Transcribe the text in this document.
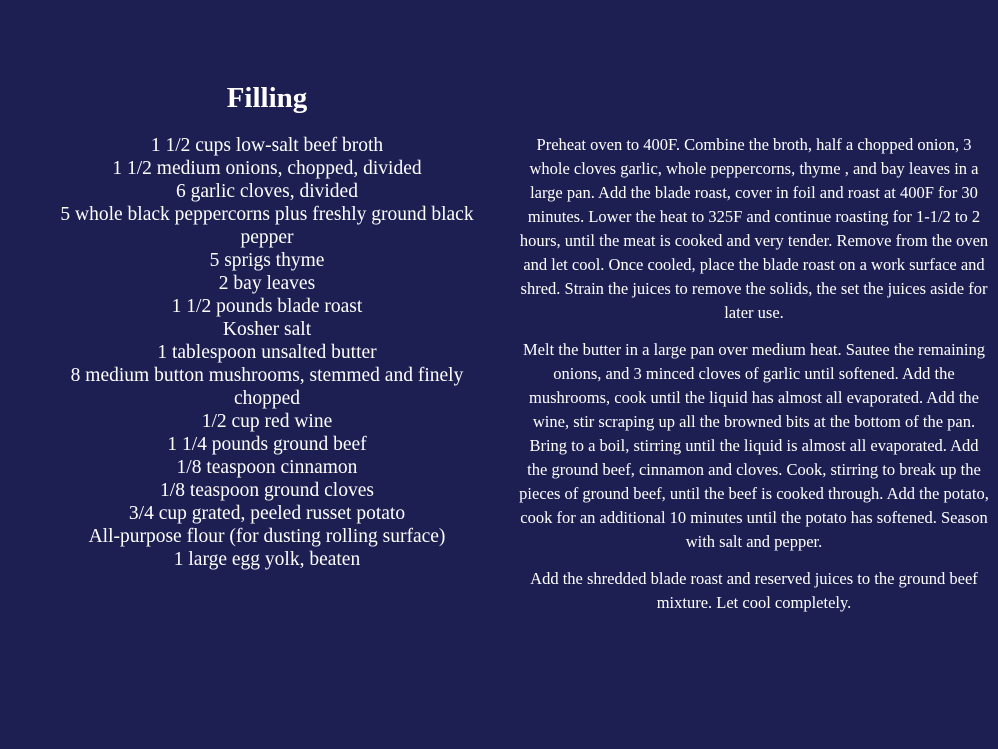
Filling
1 1/2 cups low-salt beef broth
1 1/2 medium onions, chopped, divided
6 garlic cloves, divided
5 whole black peppercorns plus freshly ground black pepper
5 sprigs thyme
2 bay leaves
1 1/2 pounds blade roast
Kosher salt
1 tablespoon unsalted butter
8 medium button mushrooms, stemmed and finely chopped
1/2 cup red wine
1 1/4 pounds ground beef
1/8 teaspoon cinnamon
1/8 teaspoon ground cloves
3/4 cup grated, peeled russet potato
All-purpose flour (for dusting rolling surface)
1 large egg yolk, beaten

Preheat oven to 400F. Combine the broth, half a chopped onion, 3 whole cloves garlic, whole peppercorns, thyme , and bay leaves in a large pan. Add the blade roast, cover in foil and roast at 400F for 30 minutes. Lower the heat to 325F and continue roasting for 1-1/2 to 2 hours, until the meat is cooked and very tender. Remove from the oven and let cool. Once cooled, place the blade roast on a work surface and shred. Strain the juices to remove the solids, the set the juices aside for later use.

Melt the butter in a large pan over medium heat. Sautee the remaining onions, and 3 minced cloves of garlic until softened. Add the mushrooms, cook until the liquid has almost all evaporated. Add the wine, stir scraping up all the browned bits at the bottom of the pan. Bring to a boil, stirring until the liquid is almost all evaporated. Add the ground beef, cinnamon and cloves. Cook, stirring to break up the pieces of ground beef, until the beef is cooked through. Add the potato, cook for an additional 10 minutes until the potato has softened. Season with salt and pepper.

Add the shredded blade roast and reserved juices to the ground beef mixture. Let cool completely.
